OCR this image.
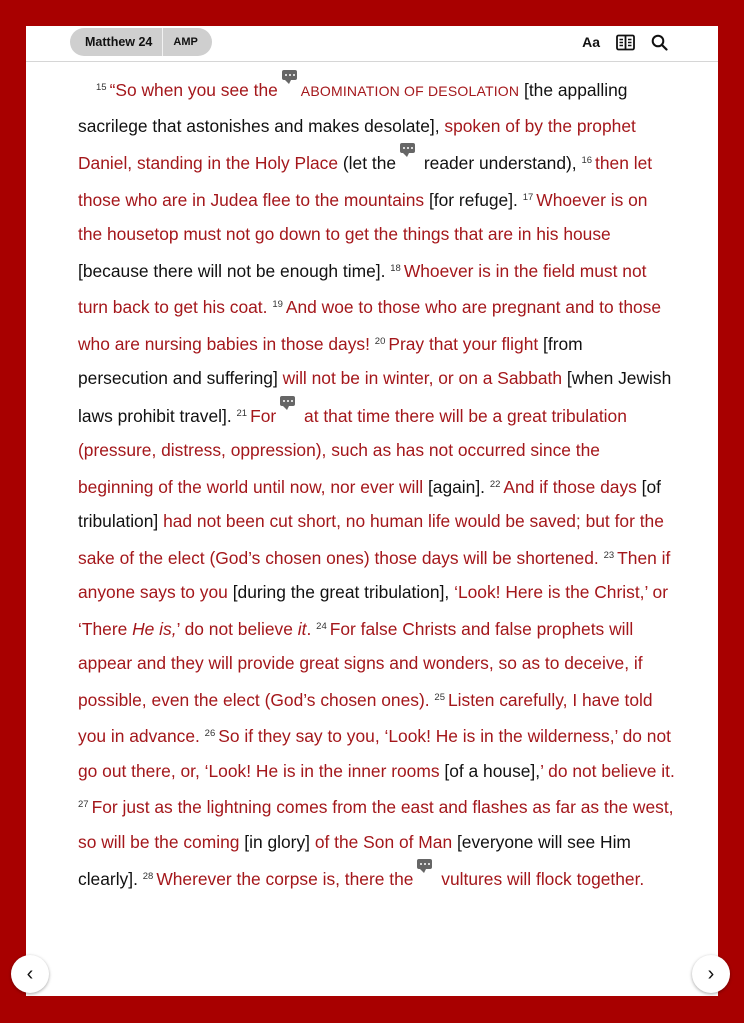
Matthew 24	AMP	Aa

$^{15}$ “So when you see the ABOMINATION OF DESOLATION [the appalling sacrilege that astonishes and makes desolate], spoken of by the prophet Daniel, standing in the Holy Place (let the
reader understand), $^{16}$ then let those who are in Judea flee to the mountains [for refuge]. $^{17}$ Whoever is on the housetop must not go down to get the things that are in his house [because there will not be enough time]. $^{18}$ Whoever is in the field must not turn back to get his coat. $^{19}$ And woe to those who are pregnant and to those who are nursing babies in those days! $^{20}$ Pray that your flight [from persecution and suffering] will not be in winter, or on a Sabbath [when Jewish laws prohibit travel]. $^{21}$ For
at that time there will be a great tribulation (pressure, distress, oppression), such as has not occurred since the beginning of the world until now, nor ever will [again]. $^{22}$ And if those days [of tribulation] had not been cut short, no human life would be saved; but for the sake of the elect (God’s chosen ones) those days will be shortened. $^{23}$ Then if anyone says to you [during the great tribulation], ‘Look! Here is the Christ,’ or ‘There He is,’ do not believe it. $^{24}$ For false Christs and false prophets will appear and they will provide great signs and wonders, so as to deceive, if possible, even the elect (God’s chosen ones). $^{25}$ Listen carefully, I have told you in advance. $^{26}$ So if they say to you, ‘Look! He is in the wilderness,’ do not go out there, or, ‘Look! He is in the inner rooms [of a house],’ do not believe it. $^{27}$ For just as the lightning comes from the east and flashes as far as the west, so will be the coming [in glory] of the Son of Man [everyone will see Him clearly]. $^{28}$ Wherever the corpse is, there the
vultures will flock together.

‹	›
